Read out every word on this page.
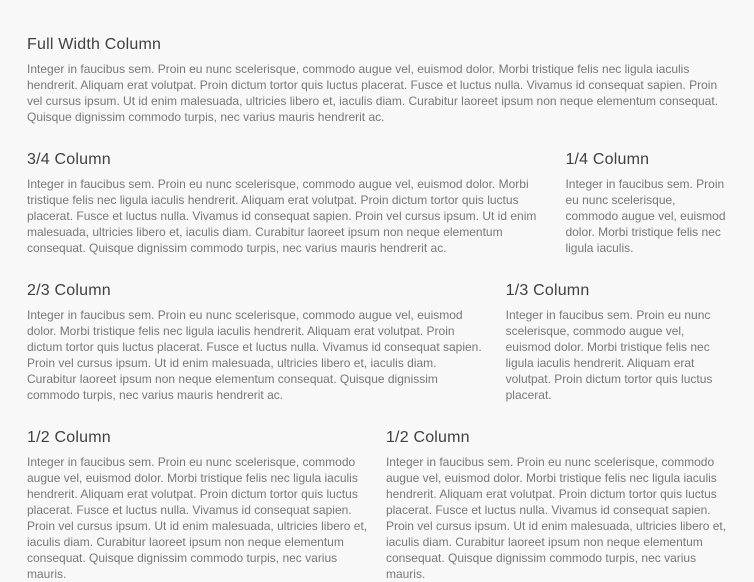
Full Width Column

Integer in faucibus sem. Proin eu nunc scelerisque, commodo augue vel, euismod dolor. Morbi tristique felis nec ligula iaculis hendrerit. Aliquam erat volutpat. Proin dictum tortor quis luctus placerat. Fusce et luctus nulla. Vivamus id consequat sapien. Proin vel cursus ipsum. Ut id enim malesuada, ultricies libero et, iaculis diam. Curabitur laoreet ipsum non neque elementum consequat. Quisque dignissim commodo turpis, nec varius mauris hendrerit ac.

3/4 Column

Integer in faucibus sem. Proin eu nunc scelerisque, commodo augue vel, euismod dolor. Morbi tristique felis nec ligula iaculis hendrerit. Aliquam erat volutpat. Proin dictum tortor quis luctus placerat. Fusce et luctus nulla. Vivamus id consequat sapien. Proin vel cursus ipsum. Ut id enim malesuada, ultricies libero et, iaculis diam. Curabitur laoreet ipsum non neque elementum consequat. Quisque dignissim commodo turpis, nec varius mauris hendrerit ac.

1/4 Column

Integer in faucibus sem. Proin eu nunc scelerisque, commodo augue vel, euismod dolor. Morbi tristique felis nec ligula iaculis.

2/3 Column

Integer in faucibus sem. Proin eu nunc scelerisque, commodo augue vel, euismod dolor. Morbi tristique felis nec ligula iaculis hendrerit. Aliquam erat volutpat. Proin dictum tortor quis luctus placerat. Fusce et luctus nulla. Vivamus id consequat sapien. Proin vel cursus ipsum. Ut id enim malesuada, ultricies libero et, iaculis diam. Curabitur laoreet ipsum non neque elementum consequat. Quisque dignissim commodo turpis, nec varius mauris hendrerit ac.

1/3 Column

Integer in faucibus sem. Proin eu nunc scelerisque, commodo augue vel, euismod dolor. Morbi tristique felis nec ligula iaculis hendrerit. Aliquam erat volutpat. Proin dictum tortor quis luctus placerat.

1/2 Column

Integer in faucibus sem. Proin eu nunc scelerisque, commodo augue vel, euismod dolor. Morbi tristique felis nec ligula iaculis hendrerit. Aliquam erat volutpat. Proin dictum tortor quis luctus placerat. Fusce et luctus nulla. Vivamus id consequat sapien. Proin vel cursus ipsum. Ut id enim malesuada, ultricies libero et, iaculis diam. Curabitur laoreet ipsum non neque elementum consequat. Quisque dignissim commodo turpis, nec varius mauris.

1/2 Column

Integer in faucibus sem. Proin eu nunc scelerisque, commodo augue vel, euismod dolor. Morbi tristique felis nec ligula iaculis hendrerit. Aliquam erat volutpat. Proin dictum tortor quis luctus placerat. Fusce et luctus nulla. Vivamus id consequat sapien. Proin vel cursus ipsum. Ut id enim malesuada, ultricies libero et, iaculis diam. Curabitur laoreet ipsum non neque elementum consequat. Quisque dignissim commodo turpis, nec varius mauris.
